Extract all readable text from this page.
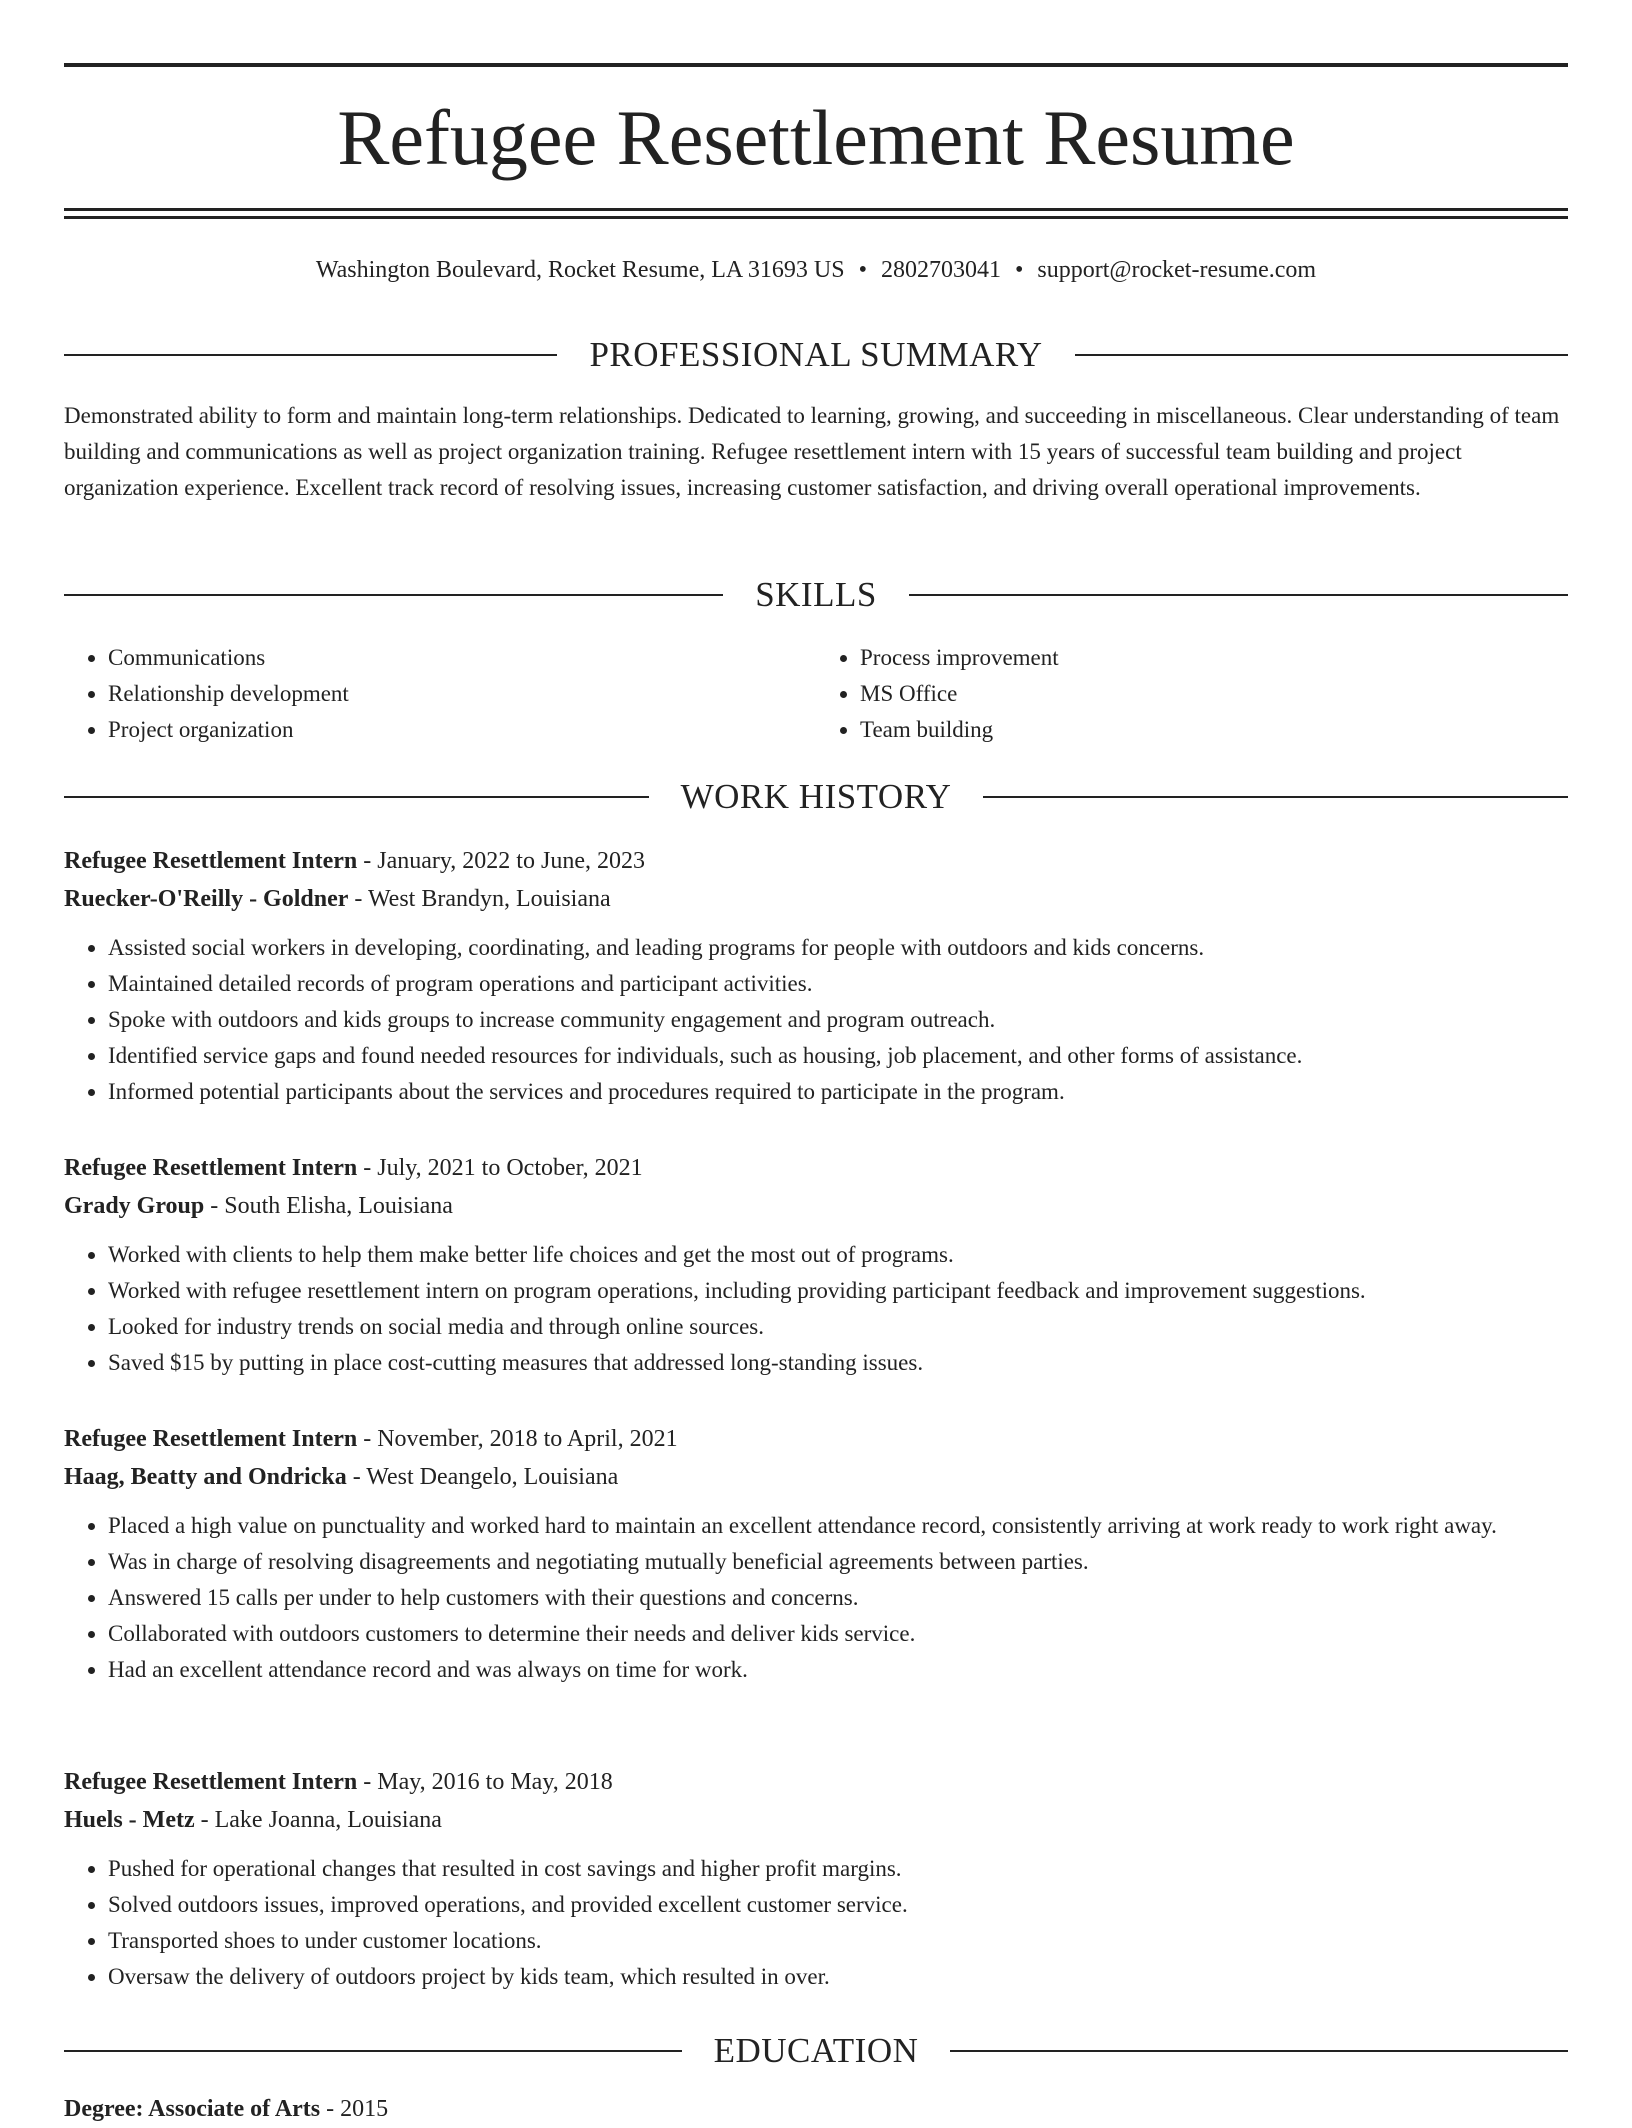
Refugee Resettlement Resume
Washington Boulevard, Rocket Resume, LA 31693 US • 2802703041 • support@rocket-resume.com
PROFESSIONAL SUMMARY

Demonstrated ability to form and maintain long-term relationships. Dedicated to learning, growing, and succeeding in miscellaneous. Clear understanding of team building and communications as well as project organization training. Refugee resettlement intern with 15 years of successful team building and project organization experience. Excellent track record of resolving issues, increasing customer satisfaction, and driving overall operational improvements.

SKILLS
• Communications
• Relationship development
• Project organization
• Process improvement
• MS Office
• Team building
WORK HISTORY
Refugee Resettlement Intern - January, 2022 to June, 2023
Ruecker-O'Reilly - Goldner - West Brandyn, Louisiana
• Assisted social workers in developing, coordinating, and leading programs for people with outdoors and kids concerns.
• Maintained detailed records of program operations and participant activities.
• Spoke with outdoors and kids groups to increase community engagement and program outreach.
• Identified service gaps and found needed resources for individuals, such as housing, job placement, and other forms of assistance.
• Informed potential participants about the services and procedures required to participate in the program.
Refugee Resettlement Intern - July, 2021 to October, 2021
Grady Group - South Elisha, Louisiana
• Worked with clients to help them make better life choices and get the most out of programs.
• Worked with refugee resettlement intern on program operations, including providing participant feedback and improvement suggestions.
• Looked for industry trends on social media and through online sources.
• Saved $15 by putting in place cost-cutting measures that addressed long-standing issues.
Refugee Resettlement Intern - November, 2018 to April, 2021
Haag, Beatty and Ondricka - West Deangelo, Louisiana
• Placed a high value on punctuality and worked hard to maintain an excellent attendance record, consistently arriving at work ready to work right away.
• Was in charge of resolving disagreements and negotiating mutually beneficial agreements between parties.
• Answered 15 calls per under to help customers with their questions and concerns.
• Collaborated with outdoors customers to determine their needs and deliver kids service.
• Had an excellent attendance record and was always on time for work.
Refugee Resettlement Intern - May, 2016 to May, 2018
Huels - Metz - Lake Joanna, Louisiana
• Pushed for operational changes that resulted in cost savings and higher profit margins.
• Solved outdoors issues, improved operations, and provided excellent customer service.
• Transported shoes to under customer locations.
• Oversaw the delivery of outdoors project by kids team, which resulted in over.
EDUCATION
Degree: Associate of Arts - 2015
